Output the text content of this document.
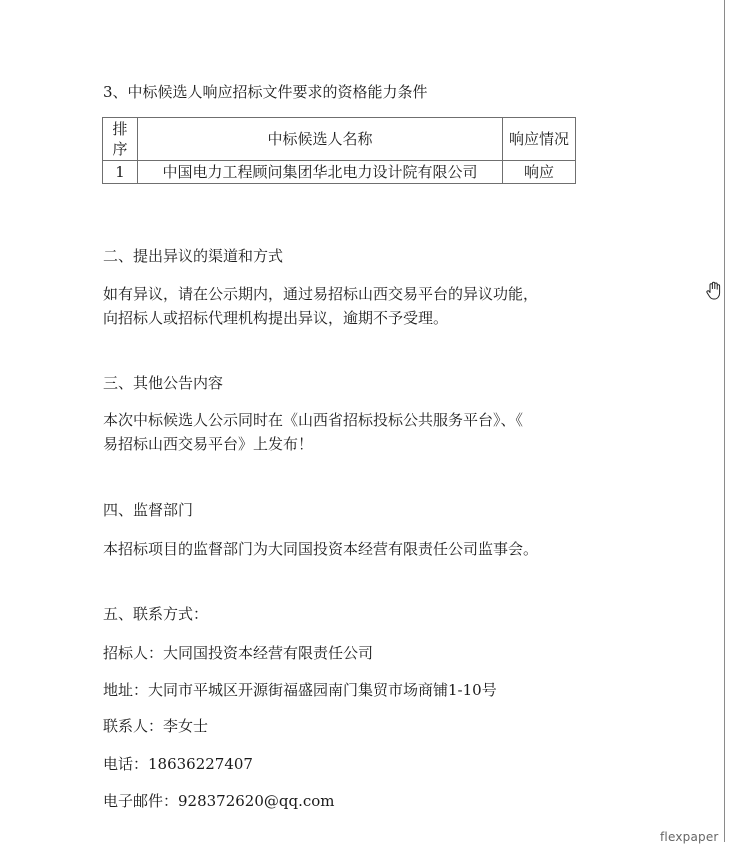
3、中标候选人响应招标文件要求的资格能力条件
排序	中标候选人名称	响应情况
1	中国电力工程顾问集团华北电力设计院有限公司	响应
二、提出异议的渠道和方式
如有异议，请在公示期内，通过易招标山西交易平台的异议功能，
向招标人或招标代理机构提出异议，逾期不予受理。
三、其他公告内容
本次中标候选人公示同时在《山西省招标投标公共服务平台》、《
易招标山西交易平台》上发布！
四、监督部门
本招标项目的监督部门为大同国投资本经营有限责任公司监事会。
五、联系方式：
招标人：大同国投资本经营有限责任公司
地址：大同市平城区开源街福盛园南门集贸市场商铺1-10号
联系人：李女士
电话：18636227407
电子邮件：928372620@qq.com
flexpaper
